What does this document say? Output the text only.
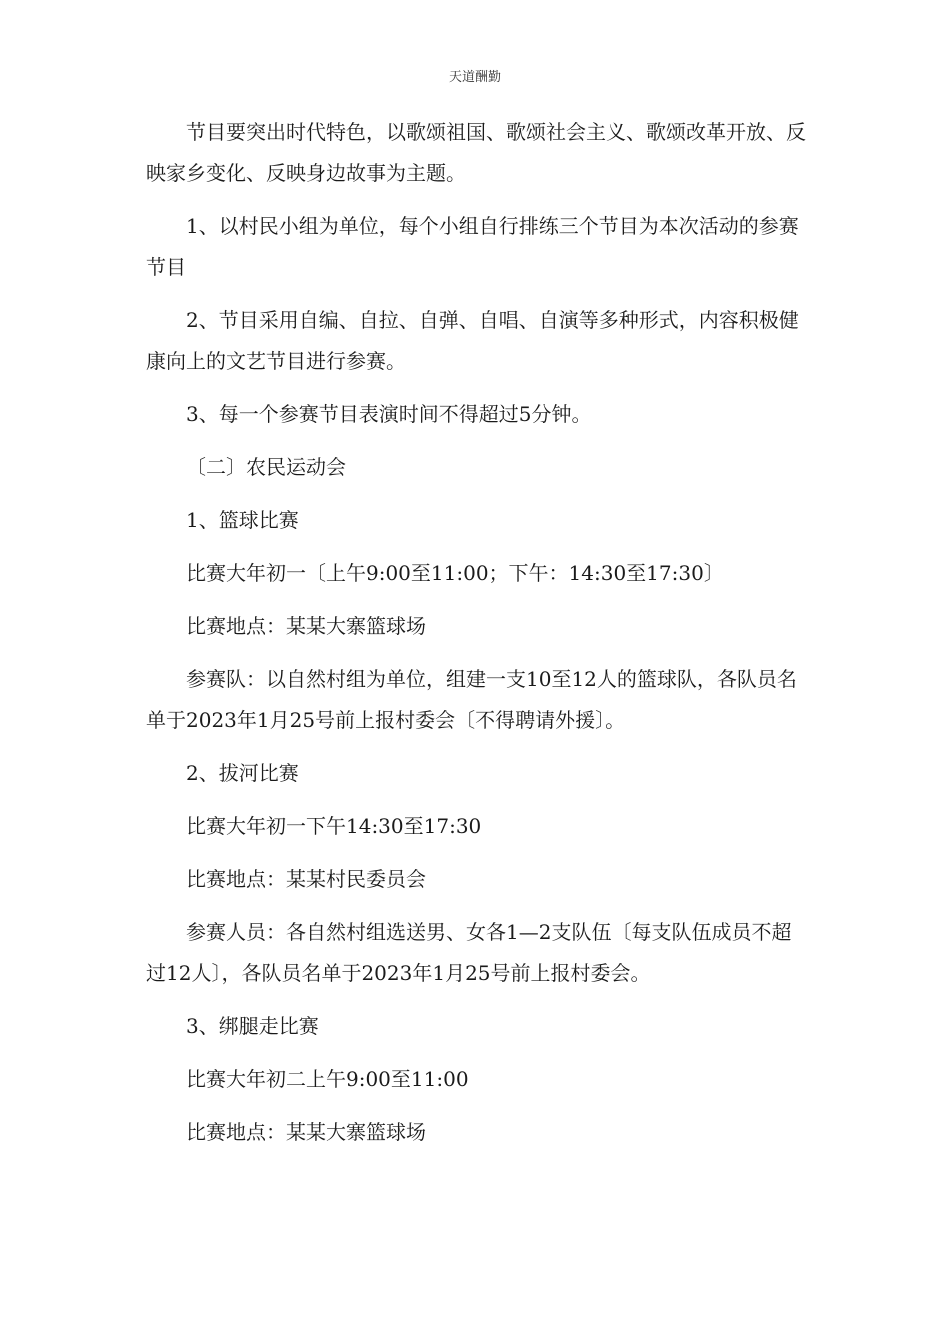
天道酬勤

节目要突出时代特色，以歌颂祖国、歌颂社会主义、歌颂改革开放、反映家乡变化、反映身边故事为主题。

1、以村民小组为单位，每个小组自行排练三个节目为本次活动的参赛节目

2、节目采用自编、自拉、自弹、自唱、自演等多种形式，内容积极健康向上的文艺节目进行参赛。

3、每一个参赛节目表演时间不得超过5分钟。

〔二〕农民运动会

1、篮球比赛

比赛大年初一〔上午9:00至11:00；下午：14:30至17:30〕

比赛地点：某某大寨篮球场

参赛队：以自然村组为单位，组建一支10至12人的篮球队，各队员名单于2023年1月25号前上报村委会〔不得聘请外援〕。

2、拔河比赛

比赛大年初一下午14:30至17:30

比赛地点：某某村民委员会

参赛人员：各自然村组选送男、女各1—2支队伍〔每支队伍成员不超过12人〕，各队员名单于2023年1月25号前上报村委会。

3、绑腿走比赛

比赛大年初二上午9:00至11:00

比赛地点：某某大寨篮球场
